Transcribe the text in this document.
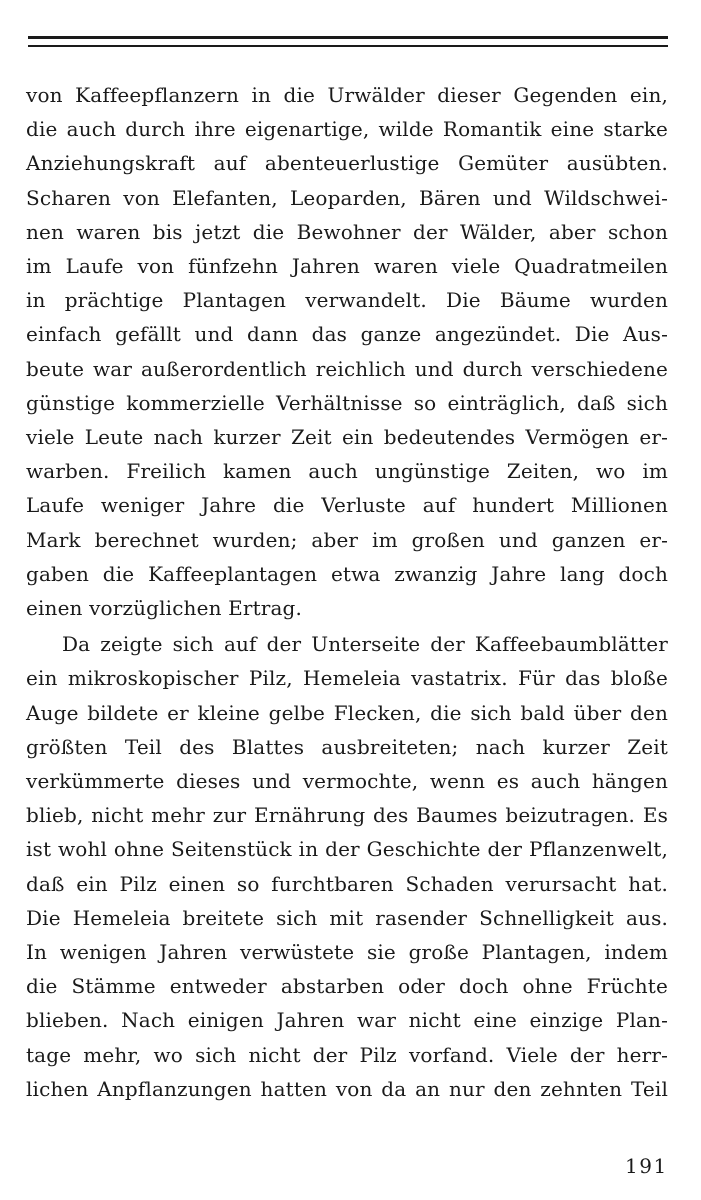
von Kaffeepflanzern in die Urwälder dieser Gegenden ein,
die auch durch ihre eigenartige, wilde Romantik eine starke
Anziehungskraft auf abenteuerlustige Gemüter ausübten.
Scharen von Elefanten, Leoparden, Bären und Wildschwei-
nen waren bis jetzt die Bewohner der Wälder, aber schon
im Laufe von fünfzehn Jahren waren viele Quadratmeilen
in prächtige Plantagen verwandelt. Die Bäume wurden
einfach gefällt und dann das ganze angezündet. Die Aus-
beute war außerordentlich reichlich und durch verschiedene
günstige kommerzielle Verhältnisse so einträglich, daß sich
viele Leute nach kurzer Zeit ein bedeutendes Vermögen er-
warben. Freilich kamen auch ungünstige Zeiten, wo im
Laufe weniger Jahre die Verluste auf hundert Millionen
Mark berechnet wurden; aber im großen und ganzen er-
gaben die Kaffeeplantagen etwa zwanzig Jahre lang doch
einen vorzüglichen Ertrag.

Da zeigte sich auf der Unterseite der Kaffeebaumblätter
ein mikroskopischer Pilz, Hemeleia vastatrix. Für das bloße
Auge bildete er kleine gelbe Flecken, die sich bald über den
größten Teil des Blattes ausbreiteten; nach kurzer Zeit
verkümmerte dieses und vermochte, wenn es auch hängen
blieb, nicht mehr zur Ernährung des Baumes beizutragen. Es
ist wohl ohne Seitenstück in der Geschichte der Pflanzenwelt,
daß ein Pilz einen so furchtbaren Schaden verursacht hat.
Die Hemeleia breitete sich mit rasender Schnelligkeit aus.
In wenigen Jahren verwüstete sie große Plantagen, indem
die Stämme entweder abstarben oder doch ohne Früchte
blieben. Nach einigen Jahren war nicht eine einzige Plan-
tage mehr, wo sich nicht der Pilz vorfand. Viele der herr-
lichen Anpflanzungen hatten von da an nur den zehnten Teil

191
